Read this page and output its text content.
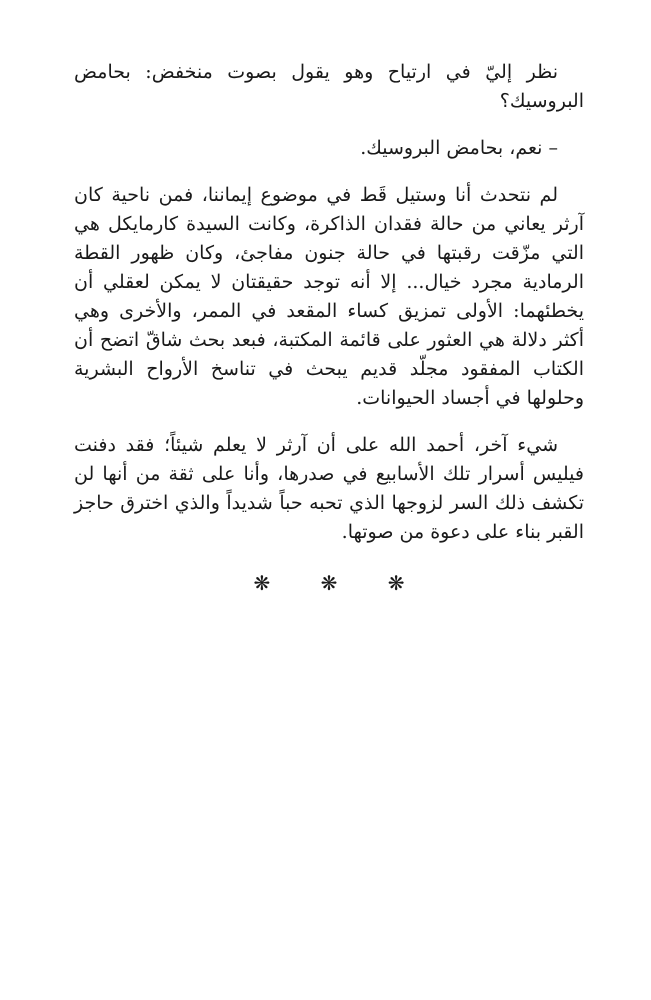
نظر إليّ في ارتياح وهو يقول بصوت منخفض: بحامض البروسيك؟

– نعم، بحامض البروسيك.

لم نتحدث أنا وستيل قَط في موضوع إيماننا، فمن ناحية كان آرثر يعاني من حالة فقدان الذاكرة، وكانت السيدة كارمايكل هي التي مزّقت رقبتها في حالة جنون مفاجئ، وكان ظهور القطة الرمادية مجرد خيال... إلا أنه توجد حقيقتان لا يمكن لعقلي أن يخطئهما: الأولى تمزيق كساء المقعد في الممر، والأخرى وهي أكثر دلالة هي العثور على قائمة المكتبة، فبعد بحث شاقّ اتضح أن الكتاب المفقود مجلّد قديم يبحث في تناسخ الأرواح البشرية وحلولها في أجساد الحيوانات.

شيء آخر، أحمد الله على أن آرثر لا يعلم شيئاً؛ فقد دفنت فيليس أسرار تلك الأسابيع في صدرها، وأنا على ثقة من أنها لن تكشف ذلك السر لزوجها الذي تحبه حباً شديداً والذي اخترق حاجز القبر بناء على دعوة من صوتها.

❋ ❋ ❋
